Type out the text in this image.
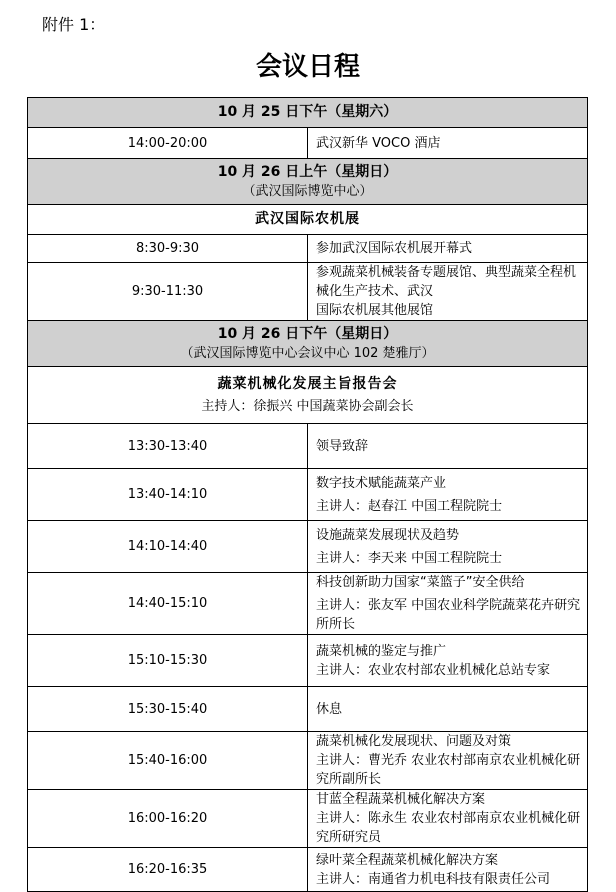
附件 1：
会议日程
10 月 25 日下午（星期六）	

14:00-20:00	武汉新华 VOCO 酒店

10 月 26 日上午（星期日）
（武汉国际博览中心）	

武汉国际农机展	

8:30-9:30	参加武汉国际农机展开幕式

9:30-11:30	参观蔬菜机械装备专题展馆、典型蔬菜全程机械化生产技术、武汉
国际农机展其他展馆

10 月 26 日下午（星期日）
（武汉国际博览中心会议中心 102 楚雅厅）	

蔬菜机械化发展主旨报告会
主持人：徐振兴 中国蔬菜协会副会长	

13:30-13:40	领导致辞

13:40-14:10	数字技术赋能蔬菜产业
主讲人：赵春江 中国工程院院士

14:10-14:40	设施蔬菜发展现状及趋势
主讲人：李天来 中国工程院院士

14:40-15:10	科技创新助力国家“菜篮子”安全供给
主讲人：张友军 中国农业科学院蔬菜花卉研究所所长

15:10-15:30	蔬菜机械的鉴定与推广
主讲人：农业农村部农业机械化总站专家

15:30-15:40	休息

15:40-16:00	蔬菜机械化发展现状、问题及对策
主讲人：曹光乔 农业农村部南京农业机械化研究所副所长

16:00-16:20	甘蓝全程蔬菜机械化解决方案
主讲人：陈永生 农业农村部南京农业机械化研究所研究员

16:20-16:35	绿叶菜全程蔬菜机械化解决方案
主讲人：南通省力机电科技有限责任公司
